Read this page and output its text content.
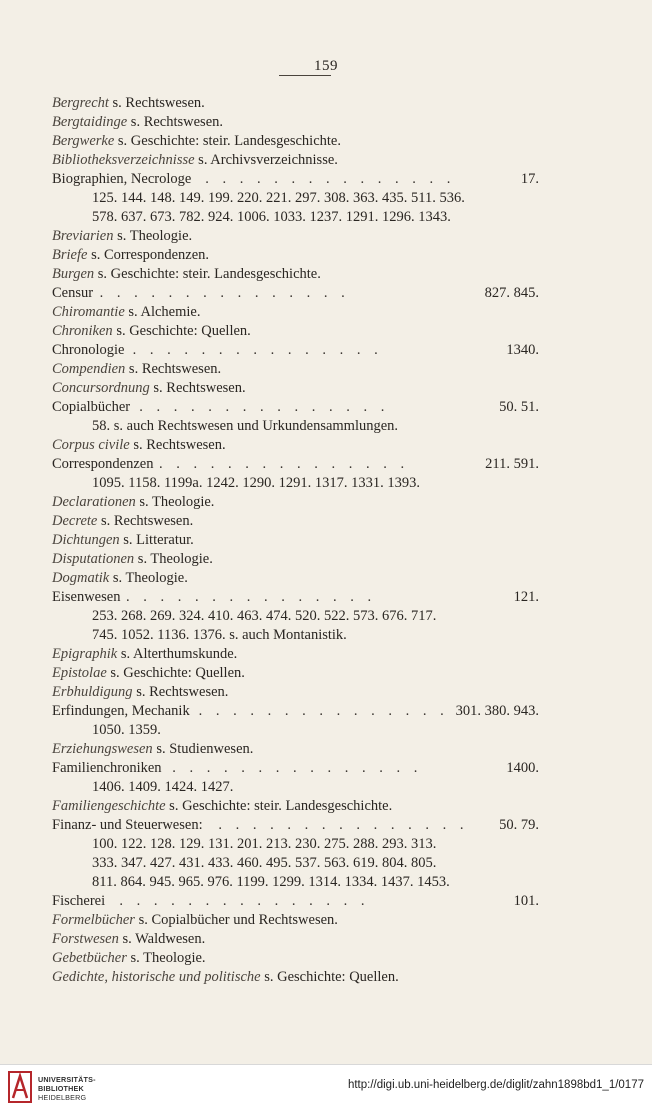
159
Bergrecht s. Rechtswesen.
Bergtaidinge s. Rechtswesen.
Bergwerke s. Geschichte: steir. Landesgeschichte.
Bibliotheksverzeichnisse s. Archivsverzeichnisse.
Biographien, Necrologe . . . . . . . . . . . . . . .	17.
125. 144. 148. 149. 199. 220. 221. 297. 308. 363. 435. 511. 536.
578. 637. 673. 782. 924. 1006. 1033. 1237. 1291. 1296. 1343.
Breviarien s. Theologie.
Briefe s. Correspondenzen.
Burgen s. Geschichte: steir. Landesgeschichte.
Censur . . . . . . . . . . . . . . .	827. 845.
Chiromantie s. Alchemie.
Chroniken s. Geschichte: Quellen.
Chronologie . . . . . . . . . . . . . . .	1340.
Compendien s. Rechtswesen.
Concursordnung s. Rechtswesen.
Copialbücher . . . . . . . . . . . . . . .	50. 51.
58. s. auch Rechtswesen und Urkundensammlungen.
Corpus civile s. Rechtswesen.
Correspondenzen . . . . . . . . . . . . . . .	211. 591.
1095. 1158. 1199a. 1242. 1290. 1291. 1317. 1331. 1393.
Declarationen s. Theologie.
Decrete s. Rechtswesen.
Dichtungen s. Litteratur.
Disputationen s. Theologie.
Dogmatik s. Theologie.
Eisenwesen . . . . . . . . . . . . . . .	121.
253. 268. 269. 324. 410. 463. 474. 520. 522. 573. 676. 717.
745. 1052. 1136. 1376. s. auch Montanistik.
Epigraphik s. Alterthumskunde.
Epistolae s. Geschichte: Quellen.
Erbhuldigung s. Rechtswesen.
Erfindungen, Mechanik . . . . . . . . . . . . . . . 301. 380. 943.
1050. 1359.
Erziehungswesen s. Studienwesen.
Familienchroniken . . . . . . . . . . . . . . .	1400.
1406. 1409. 1424. 1427.
Familiengeschichte s. Geschichte: steir. Landesgeschichte.
Finanz- und Steuerwesen: . . . . . . . . . . . . . . . 50. 79.
100. 122. 128. 129. 131. 201. 213. 230. 275. 288. 293. 313.
333. 347. 427. 431. 433. 460. 495. 537. 563. 619. 804. 805.
811. 864. 945. 965. 976. 1199. 1299. 1314. 1334. 1437. 1453.
Fischerei . . . . . . . . . . . . . . .	101.
Formelbücher s. Copialbücher und Rechtswesen.
Forstwesen s. Waldwesen.
Gebetbücher s. Theologie.
Gedichte, historische und politische s. Geschichte: Quellen.
UNIVERSITÄTS-
BIBLIOTHEK
HEIDELBERG
http://digi.ub.uni-heidelberg.de/diglit/zahn1898bd1_1/0177
